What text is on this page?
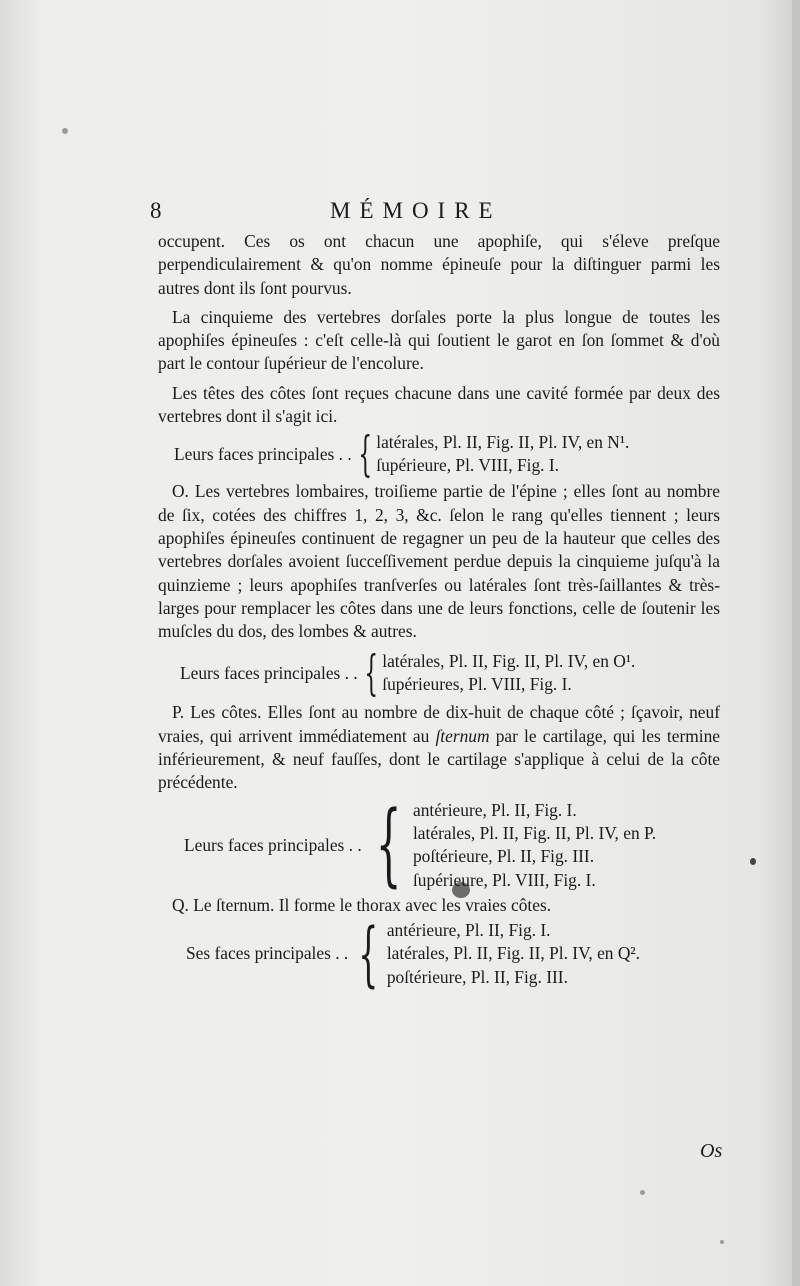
8	MÉMOIRE

occupent. Ces os ont chacun une apophiſe, qui s'éleve preſque perpendiculairement & qu'on nomme épineuſe pour la diſtinguer parmi les autres dont ils ſont pourvus.

La cinquieme des vertebres dorſales porte la plus longue de toutes les apophiſes épineuſes : c'eſt celle-là qui ſoutient le garot en ſon ſommet & d'où part le contour ſupérieur de l'encolure.

Les têtes des côtes ſont reçues chacune dans une cavité formée par deux des vertebres dont il s'agit ici.

Leurs faces principales . . { latérales, Pl. II, Fig. II, Pl. IV, en N¹.
ſupérieure, Pl. VIII, Fig. I.

O. Les vertebres lombaires, troiſieme partie de l'épine ; elles ſont au nombre de ſix, cotées des chiffres 1, 2, 3, &c. ſelon le rang qu'elles tiennent ; leurs apophiſes épineuſes continuent de regagner un peu de la hauteur que celles des vertebres dorſales avoient ſucceſſivement perdue depuis la cinquieme juſqu'à la quinzieme ; leurs apophiſes tranſverſes ou latérales ſont très-ſaillantes & très-larges pour remplacer les côtes dans une de leurs fonctions, celle de ſoutenir les muſcles du dos, des lombes & autres.

Leurs faces principales . . { latérales, Pl. II, Fig. II, Pl. IV, en O¹.
ſupérieures, Pl. VIII, Fig. I.

P. Les côtes. Elles ſont au nombre de dix-huit de chaque côté ; ſçavoir, neuf vraies, qui arrivent immédiatement au ſternum par le cartilage, qui les termine inférieurement, & neuf fauſſes, dont le cartilage s'applique à celui de la côte précédente.

Leurs faces principales . . { antérieure, Pl. II, Fig. I.
latérales, Pl. II, Fig. II, Pl. IV, en P.
poſtérieure, Pl. II, Fig. III.
ſupérieure, Pl. VIII, Fig. I.

Q. Le ſternum. Il forme le thorax avec les vraies côtes.

Ses faces principales . . { antérieure, Pl. II, Fig. I.
latérales, Pl. II, Fig. II, Pl. IV, en Q².
poſtérieure, Pl. II, Fig. III.
Os
